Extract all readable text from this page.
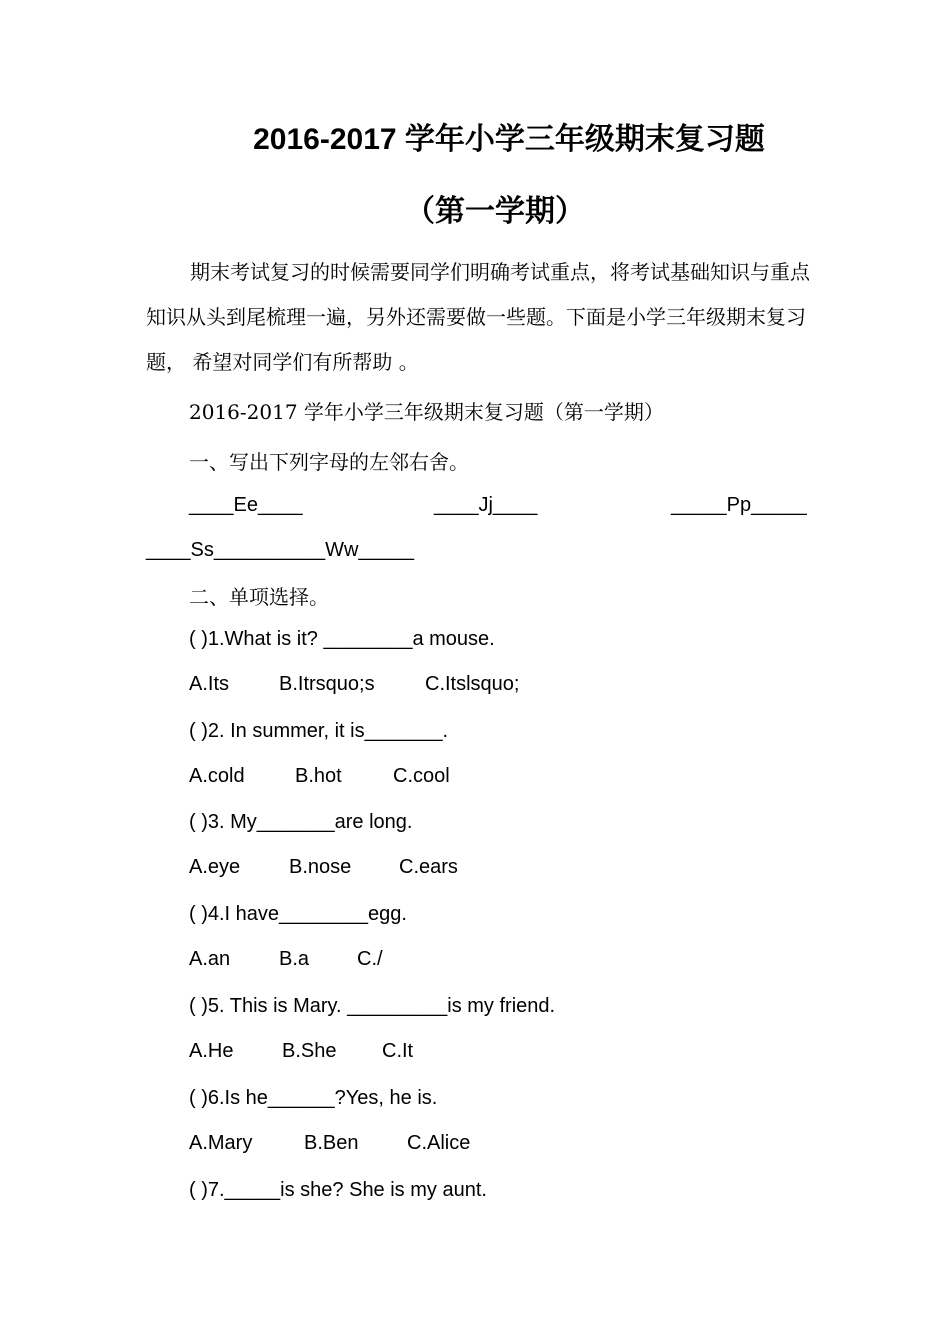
2016-2017 学年小学三年级期末复习题
（第一学期）
期末考试复习的时候需要同学们明确考试重点，将考试基础知识与重点知识从头到尾梳理一遍，另外还需要做一些题。下面是小学三年级期末复习题， 希望对同学们有所帮助 。
2016-2017 学年小学三年级期末复习题（第一学期）
一、写出下列字母的左邻右舍。
____Ee____	____Jj____	_____Pp_____
____Ss__________Ww_____
二、单项选择。
( )1.What is it? ________a mouse.
A.Its B.Itrsquo;s	C.Itslsquo;
( )2. In summer, it is_______.
A.cold	B.hot	C.cool
( )3. My_______are long.
A.eye B.nose C.ears
( )4.I have________egg.
A.an B.a C./
( )5. This is Mary. _________is my friend.
A.He B.She C.It
( )6.Is he______?Yes, he is.
A.Mary	B.Ben C.Alice
( )7._____is she? She is my aunt.
